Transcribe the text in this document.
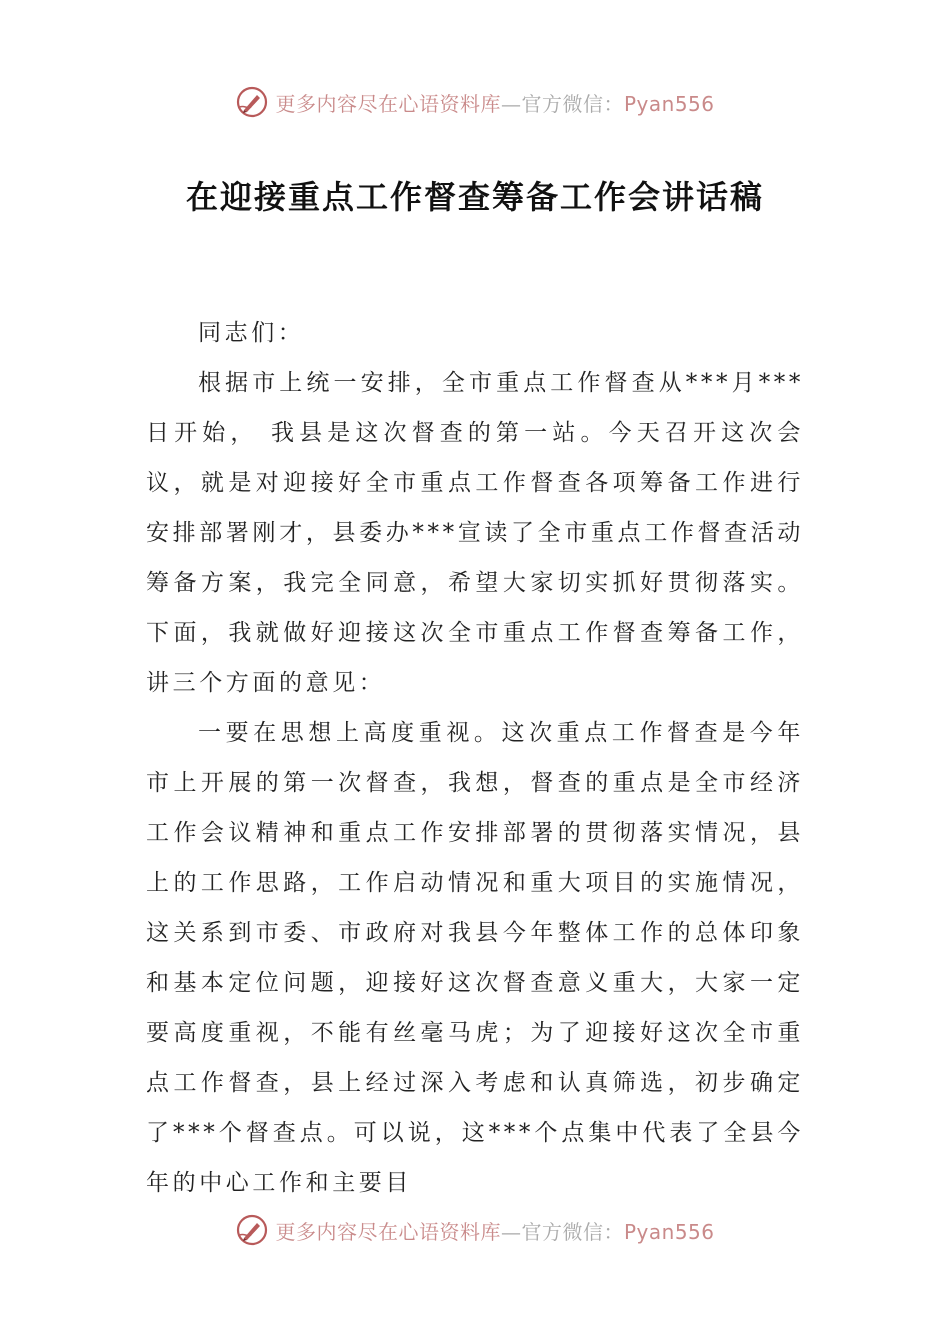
更多内容尽在心语资料库—官方微信：Pyan556
在迎接重点工作督查筹备工作会讲话稿

同志们：

根据市上统一安排，全市重点工作督查从***月***日开始， 我县是这次督查的第一站。今天召开这次会议，就是对迎接好全市重点工作督查各项筹备工作进行安排部署刚才，县委办***宣读了全市重点工作督查活动筹备方案，我完全同意，希望大家切实抓好贯彻落实。下面，我就做好迎接这次全市重点工作督查筹备工作，讲三个方面的意见：

一要在思想上高度重视。这次重点工作督查是今年市上开展的第一次督查，我想，督查的重点是全市经济工作会议精神和重点工作安排部署的贯彻落实情况，县上的工作思路，工作启动情况和重大项目的实施情况，这关系到市委、市政府对我县今年整体工作的总体印象和基本定位问题，迎接好这次督查意义重大，大家一定要高度重视，不能有丝毫马虎；为了迎接好这次全市重点工作督查，县上经过深入考虑和认真筛选，初步确定了***个督查点。可以说，这***个点集中代表了全县今年的中心工作和主要目

更多内容尽在心语资料库—官方微信：Pyan556
